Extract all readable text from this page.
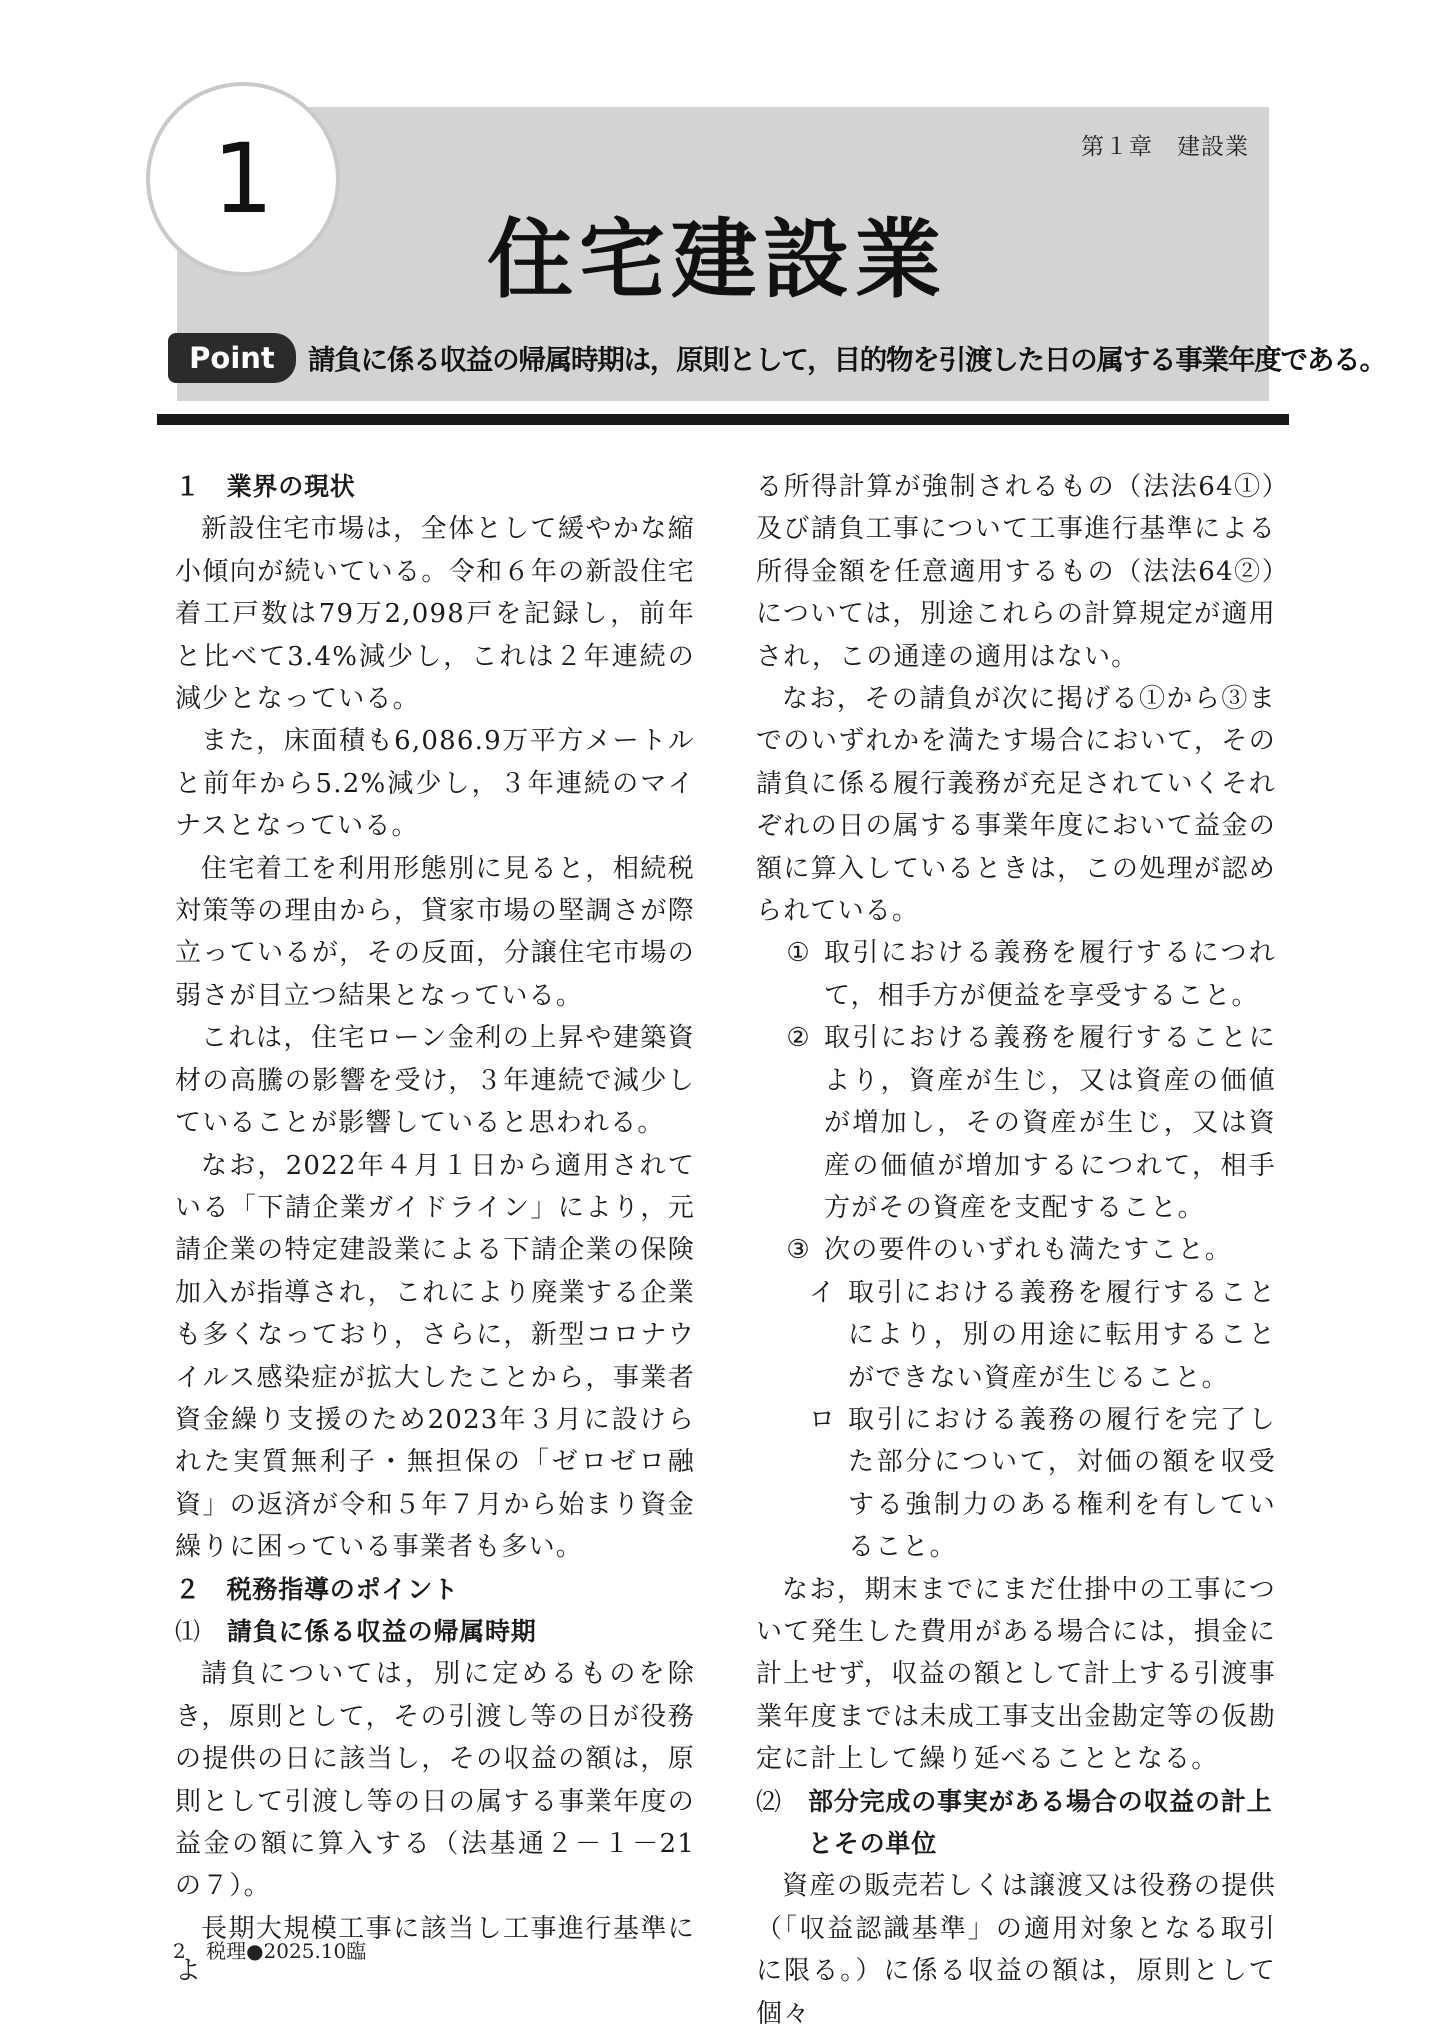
1	第１章　建設業
住宅建設業
Point	請負に係る収益の帰属時期は，原則として，目的物を引渡した日の属する事業年度である。
１　業界の現状

新設住宅市場は，全体として緩やかな縮小傾向が続いている。令和６年の新設住宅着工戸数は79万2,098戸を記録し，前年と比べて3.4%減少し，これは２年連続の減少となっている。

また，床面積も6,086.9万平方メートルと前年から5.2%減少し，３年連続のマイナスとなっている。

住宅着工を利用形態別に見ると，相続税対策等の理由から，貸家市場の堅調さが際立っているが，その反面，分譲住宅市場の弱さが目立つ結果となっている。

これは，住宅ローン金利の上昇や建築資材の高騰の影響を受け，３年連続で減少していることが影響していると思われる。

なお，2022年４月１日から適用されている「下請企業ガイドライン」により，元請企業の特定建設業による下請企業の保険加入が指導され，これにより廃業する企業も多くなっており，さらに，新型コロナウイルス感染症が拡大したことから，事業者資金繰り支援のため2023年３月に設けられた実質無利子・無担保の「ゼロゼロ融資」の返済が令和５年７月から始まり資金繰りに困っている事業者も多い。

２　税務指導のポイント
⑴	請負に係る収益の帰属時期

請負については，別に定めるものを除き，原則として，その引渡し等の日が役務の提供の日に該当し，その収益の額は，原則として引渡し等の日の属する事業年度の益金の額に算入する（法基通２－１－21の７）。

長期大規模工事に該当し工事進行基準によ

る所得計算が強制されるもの（法法64①）及び請負工事について工事進行基準による所得金額を任意適用するもの（法法64②）については，別途これらの計算規定が適用され，この通達の適用はない。

なお，その請負が次に掲げる①から③までのいずれかを満たす場合において，その請負に係る履行義務が充足されていくそれぞれの日の属する事業年度において益金の額に算入しているときは，この処理が認められている。

① 取引における義務を履行するにつれて，相手方が便益を享受すること。
② 取引における義務を履行することにより，資産が生じ，又は資産の価値が増加し，その資産が生じ，又は資産の価値が増加するにつれて，相手方がその資産を支配すること。
③ 次の要件のいずれも満たすこと。
イ 取引における義務を履行することにより，別の用途に転用することができない資産が生じること。
ロ 取引における義務の履行を完了した部分について，対価の額を収受する強制力のある権利を有していること。

なお，期末までにまだ仕掛中の工事について発生した費用がある場合には，損金に計上せず，収益の額として計上する引渡事業年度までは未成工事支出金勘定等の仮勘定に計上して繰り延べることとなる。

⑵	部分完成の事実がある場合の収益の計上とその単位

資産の販売若しくは譲渡又は役務の提供（「収益認識基準」の適用対象となる取引に限る。）に係る収益の額は，原則として個々

2 税理●2025.10臨
